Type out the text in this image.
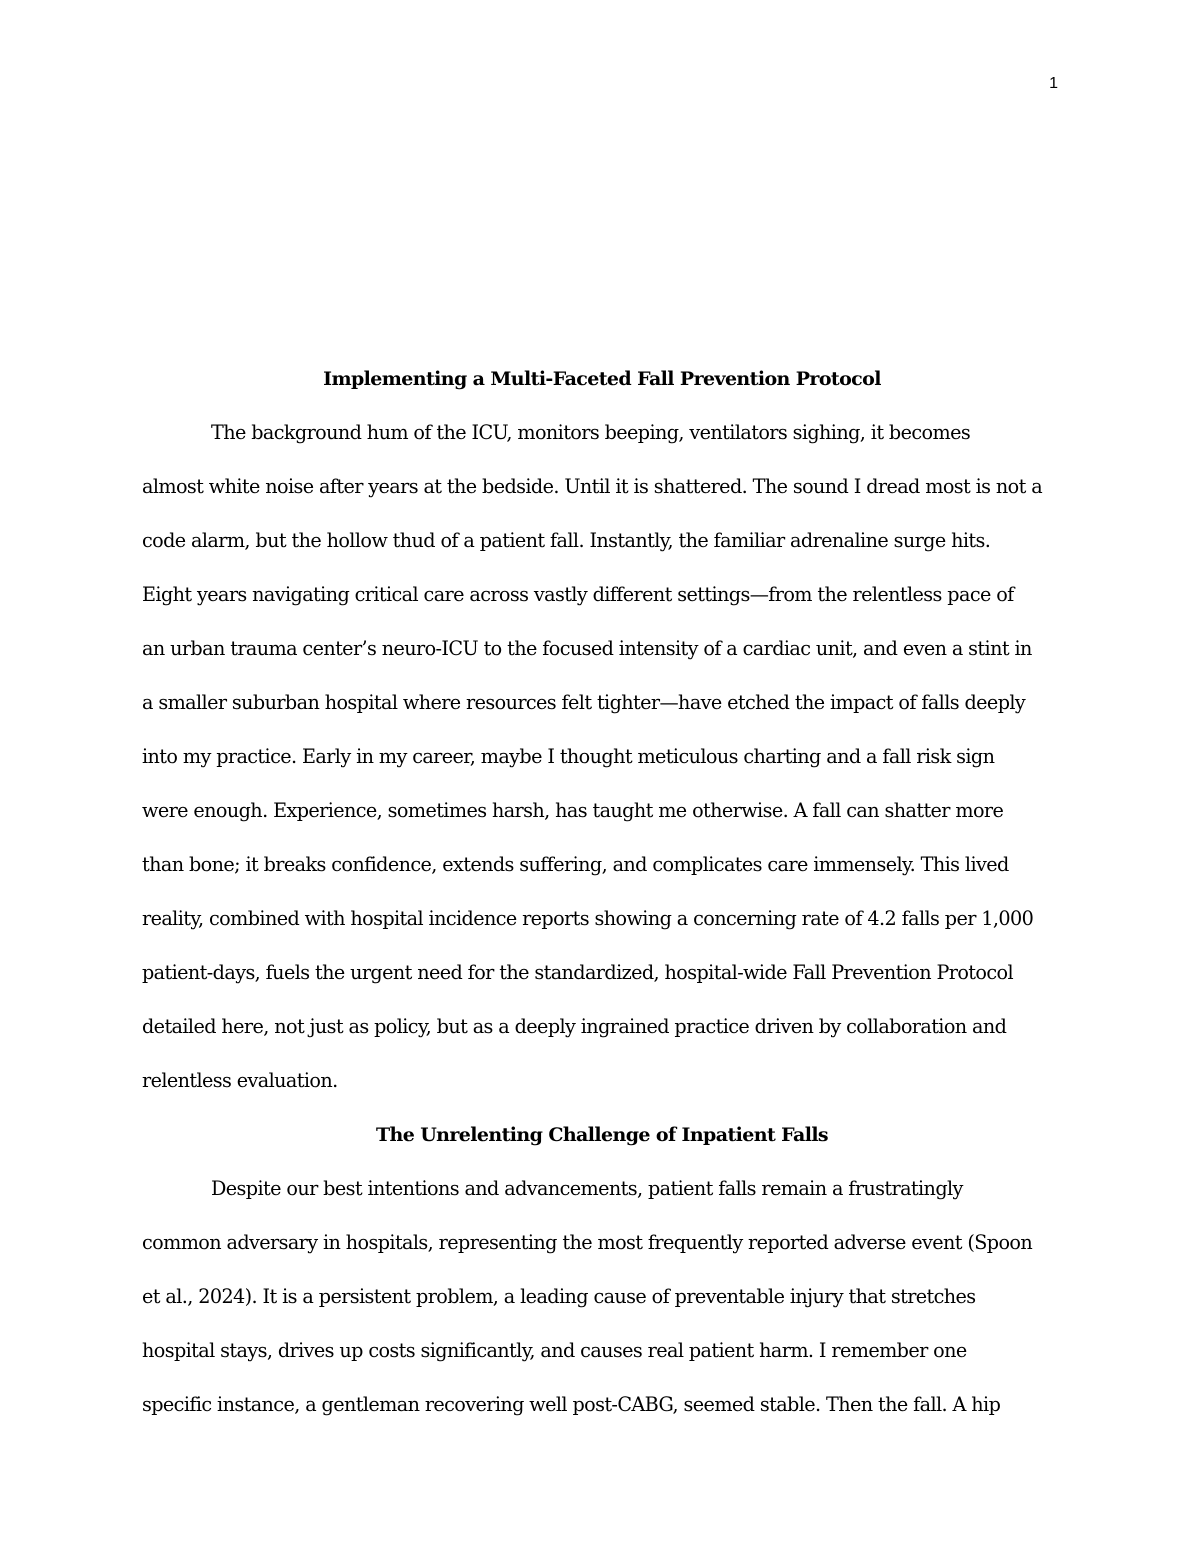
1
Implementing a Multi-Faceted Fall Prevention Protocol
The background hum of the ICU, monitors beeping, ventilators sighing, it becomes
almost white noise after years at the bedside. Until it is shattered. The sound I dread most is not a
code alarm, but the hollow thud of a patient fall. Instantly, the familiar adrenaline surge hits.
Eight years navigating critical care across vastly different settings—from the relentless pace of
an urban trauma center’s neuro-ICU to the focused intensity of a cardiac unit, and even a stint in
a smaller suburban hospital where resources felt tighter—have etched the impact of falls deeply
into my practice. Early in my career, maybe I thought meticulous charting and a fall risk sign
were enough. Experience, sometimes harsh, has taught me otherwise. A fall can shatter more
than bone; it breaks confidence, extends suffering, and complicates care immensely. This lived
reality, combined with hospital incidence reports showing a concerning rate of 4.2 falls per 1,000
patient-days, fuels the urgent need for the standardized, hospital-wide Fall Prevention Protocol
detailed here, not just as policy, but as a deeply ingrained practice driven by collaboration and
relentless evaluation.
The Unrelenting Challenge of Inpatient Falls
Despite our best intentions and advancements, patient falls remain a frustratingly
common adversary in hospitals, representing the most frequently reported adverse event (Spoon
et al., 2024). It is a persistent problem, a leading cause of preventable injury that stretches
hospital stays, drives up costs significantly, and causes real patient harm. I remember one
specific instance, a gentleman recovering well post-CABG, seemed stable. Then the fall. A hip
